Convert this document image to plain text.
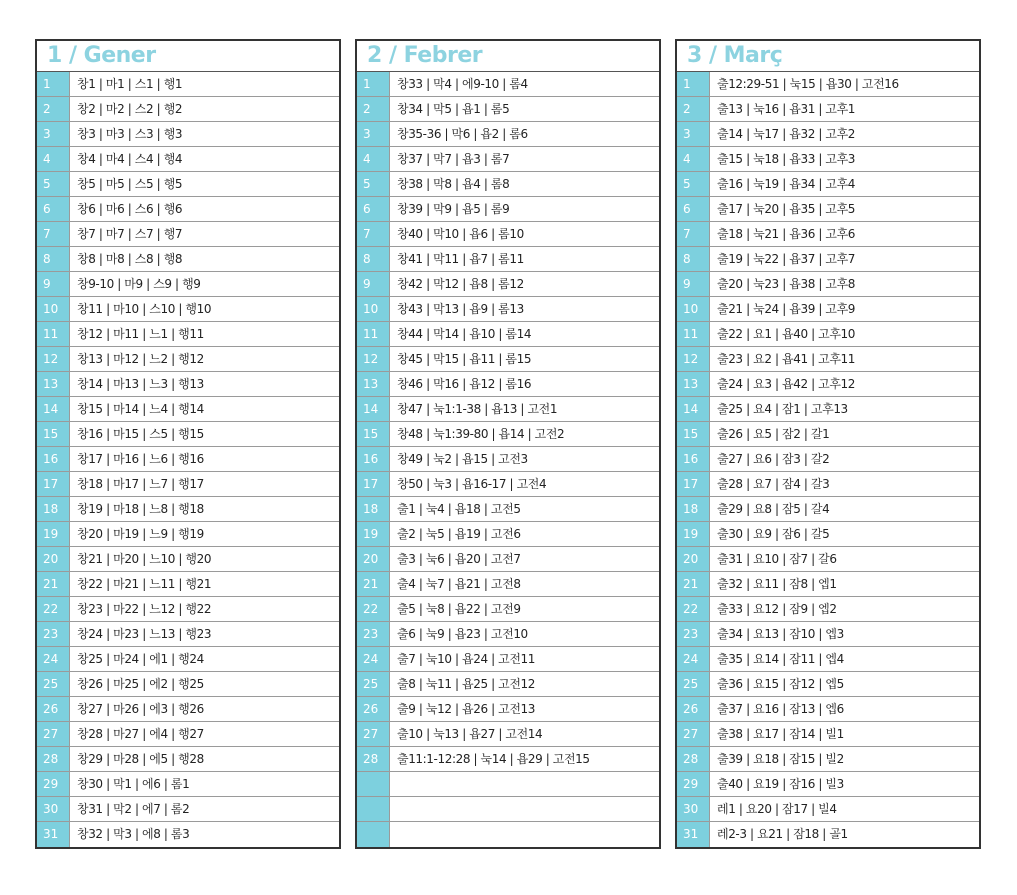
1 / Gener
1	창1 | 마1 | 스1 | 행1
2	창2 | 마2 | 스2 | 행2
3	창3 | 마3 | 스3 | 행3
4	창4 | 마4 | 스4 | 행4
5	창5 | 마5 | 스5 | 행5
6	창6 | 마6 | 스6 | 행6
7	창7 | 마7 | 스7 | 행7
8	창8 | 마8 | 스8 | 행8
9	창9-10 | 마9 | 스9 | 행9
10	창11 | 마10 | 스10 | 행10
11	창12 | 마11 | 느1 | 행11
12	창13 | 마12 | 느2 | 행12
13	창14 | 마13 | 느3 | 행13
14	창15 | 마14 | 느4 | 행14
15	창16 | 마15 | 스5 | 행15
16	창17 | 마16 | 느6 | 행16
17	창18 | 마17 | 느7 | 행17
18	창19 | 마18 | 느8 | 행18
19	창20 | 마19 | 느9 | 행19
20	창21 | 마20 | 느10 | 행20
21	창22 | 마21 | 느11 | 행21
22	창23 | 마22 | 느12 | 행22
23	창24 | 마23 | 느13 | 행23
24	창25 | 마24 | 에1 | 행24
25	창26 | 마25 | 에2 | 행25
26	창27 | 마26 | 에3 | 행26
27	창28 | 마27 | 에4 | 행27
28	창29 | 마28 | 에5 | 행28
29	창30 | 막1 | 에6 | 롬1
30	창31 | 막2 | 에7 | 롬2
31	창32 | 막3 | 에8 | 롬3
2 / Febrer
1	창33 | 막4 | 에9-10 | 롬4
2	창34 | 막5 | 욥1 | 롬5
3	창35-36 | 막6 | 욥2 | 롬6
4	창37 | 막7 | 욥3 | 롬7
5	창38 | 막8 | 욥4 | 롬8
6	창39 | 막9 | 욥5 | 롬9
7	창40 | 막10 | 욥6 | 롬10
8	창41 | 막11 | 욥7 | 롬11
9	창42 | 막12 | 욥8 | 롬12
10	창43 | 막13 | 욥9 | 롬13
11	창44 | 막14 | 욥10 | 롬14
12	창45 | 막15 | 욥11 | 롬15
13	창46 | 막16 | 욥12 | 롬16
14	창47 | 눅1:1-38 | 욥13 | 고전1
15	창48 | 눅1:39-80 | 욥14 | 고전2
16	창49 | 눅2 | 욥15 | 고전3
17	창50 | 눅3 | 욥16-17 | 고전4
18	출1 | 눅4 | 욥18 | 고전5
19	출2 | 눅5 | 욥19 | 고전6
20	출3 | 눅6 | 욥20 | 고전7
21	출4 | 눅7 | 욥21 | 고전8
22	출5 | 눅8 | 욥22 | 고전9
23	출6 | 눅9 | 욥23 | 고전10
24	출7 | 눅10 | 욥24 | 고전11
25	출8 | 눅11 | 욥25 | 고전12
26	출9 | 눅12 | 욥26 | 고전13
27	출10 | 눅13 | 욥27 | 고전14
28	출11:1-12:28 | 눅14 | 욥29 | 고전15
3 / Març
1	출12:29-51 | 눅15 | 욥30 | 고전16
2	출13 | 눅16 | 욥31 | 고후1
3	출14 | 눅17 | 욥32 | 고후2
4	출15 | 눅18 | 욥33 | 고후3
5	출16 | 눅19 | 욥34 | 고후4
6	출17 | 눅20 | 욥35 | 고후5
7	출18 | 눅21 | 욥36 | 고후6
8	출19 | 눅22 | 욥37 | 고후7
9	출20 | 눅23 | 욥38 | 고후8
10	출21 | 눅24 | 욥39 | 고후9
11	출22 | 요1 | 욥40 | 고후10
12	출23 | 요2 | 욥41 | 고후11
13	출24 | 요3 | 욥42 | 고후12
14	출25 | 요4 | 잠1 | 고후13
15	출26 | 요5 | 잠2 | 갈1
16	출27 | 요6 | 잠3 | 갈2
17	출28 | 요7 | 잠4 | 갈3
18	출29 | 요8 | 잠5 | 갈4
19	출30 | 요9 | 잠6 | 갈5
20	출31 | 요10 | 잠7 | 갈6
21	출32 | 요11 | 잠8 | 엡1
22	출33 | 요12 | 잠9 | 엡2
23	출34 | 요13 | 잠10 | 엡3
24	출35 | 요14 | 잠11 | 엡4
25	출36 | 요15 | 잠12 | 엡5
26	출37 | 요16 | 잠13 | 엡6
27	출38 | 요17 | 잠14 | 빌1
28	출39 | 요18 | 잠15 | 빌2
29	출40 | 요19 | 잠16 | 빌3
30	레1 | 요20 | 잠17 | 빌4
31	레2-3 | 요21 | 잠18 | 골1
